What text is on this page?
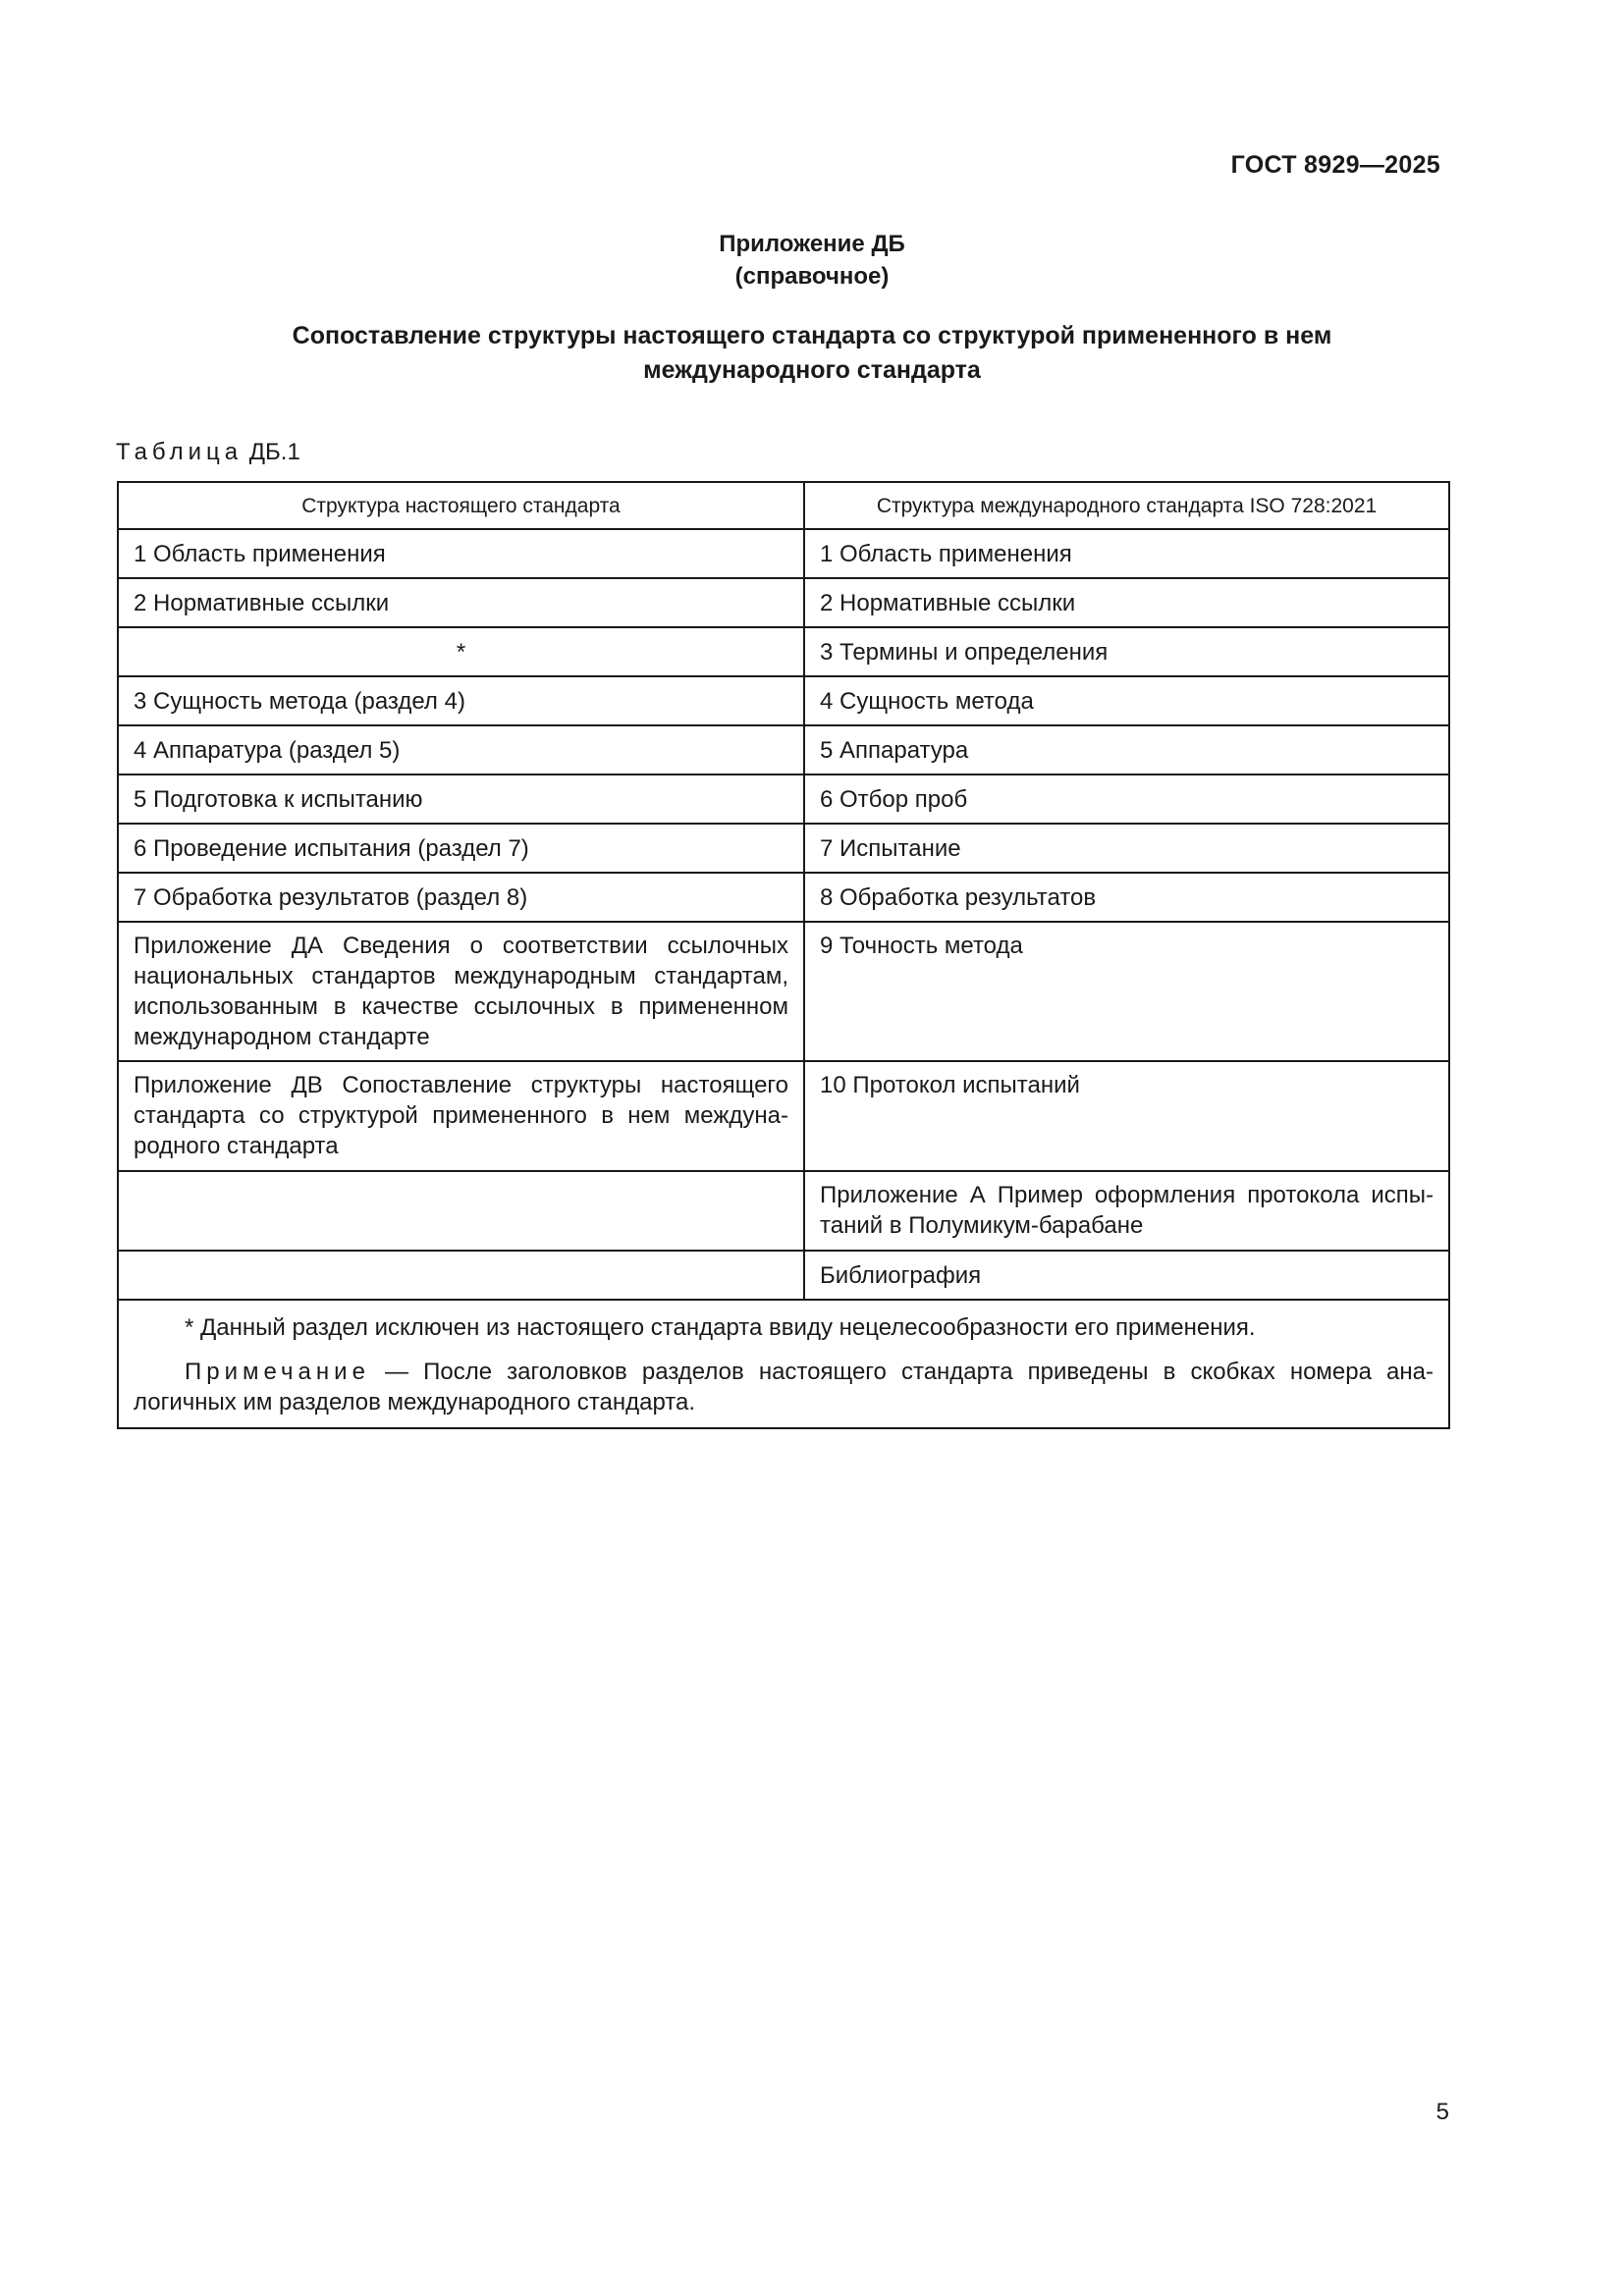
ГОСТ 8929—2025
Приложение ДБ
(справочное)
Сопоставление структуры настоящего стандарта со структурой примененного в нем
международного стандарта
Таблица ДБ.1
Структура настоящего стандарта	Структура международного стандарта ISO 728:2021
1 Область применения	1 Область применения
2 Нормативные ссылки	2 Нормативные ссылки
*	3 Термины и определения
3 Сущность метода (раздел 4)	4 Сущность метода
4 Аппаратура (раздел 5)	5 Аппаратура
5 Подготовка к испытанию	6 Отбор проб
6 Проведение испытания (раздел 7)	7 Испытание
7 Обработка результатов (раздел 8)	8 Обработка результатов
Приложение ДА Сведения о соответствии ссылочных национальных стандартов международным стандартам, использованным в качестве ссылочных в примененном международном стандарте	9 Точность метода
Приложение ДВ Сопоставление структуры настоящего стандарта со структурой примененного в нем междуна-родного стандарта	10 Протокол испытаний
	Приложение А Пример оформления протокола испы-таний в Полумикум-барабане
	Библиография

* Данный раздел исключен из настоящего стандарта ввиду нецелесообразности его применения.

Примечание — После заголовков разделов настоящего стандарта приведены в скобках номера ана-логичных им разделов международного стандарта.	

5
